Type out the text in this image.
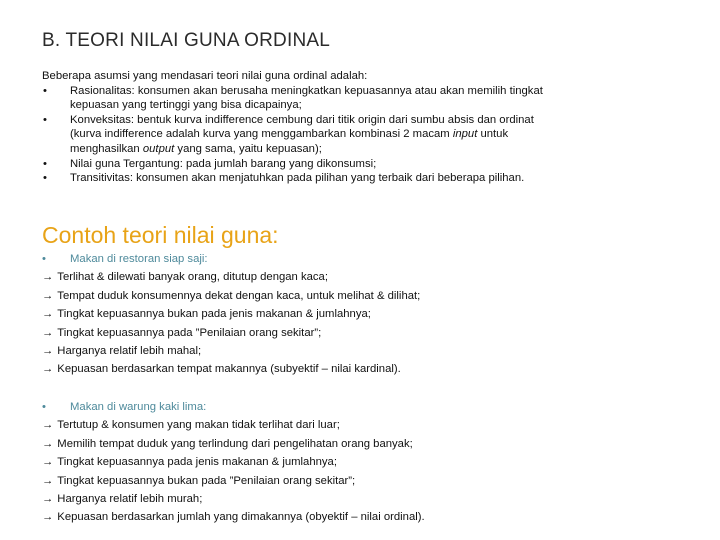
B. TEORI NILAI GUNA ORDINAL
Beberapa asumsi yang mendasari teori nilai guna ordinal adalah:
• Rasionalitas: konsumen akan berusaha meningkatkan kepuasannya atau akan memilih tingkat
kepuasan yang tertinggi yang bisa dicapainya;
• Konveksitas: bentuk kurva indifference cembung dari titik origin dari sumbu absis dan ordinat
(kurva indifference adalah kurva yang menggambarkan kombinasi 2 macam input untuk
menghasilkan output yang sama, yaitu kepuasan);
• Nilai guna Tergantung: pada jumlah barang yang dikonsumsi;
• Transitivitas: konsumen akan menjatuhkan pada pilihan yang terbaik dari beberapa pilihan.
Contoh teori nilai guna:
• Makan di restoran siap saji:
→ Terlihat & dilewati banyak orang, ditutup dengan kaca;
→ Tempat duduk konsumennya dekat dengan kaca, untuk melihat & dilihat;
→ Tingkat kepuasannya bukan pada jenis makanan & jumlahnya;
→ Tingkat kepuasannya pada ”Penilaian orang sekitar”;
→ Harganya relatif lebih mahal;
→ Kepuasan berdasarkan tempat makannya (subyektif – nilai kardinal).
• Makan di warung kaki lima:
→ Tertutup & konsumen yang makan tidak terlihat dari luar;
→ Memilih tempat duduk yang terlindung dari pengelihatan orang banyak;
→ Tingkat kepuasannya pada jenis makanan & jumlahnya;
→ Tingkat kepuasannya bukan pada ”Penilaian orang sekitar”;
→ Harganya relatif lebih murah;
→ Kepuasan berdasarkan jumlah yang dimakannya (obyektif – nilai ordinal).
